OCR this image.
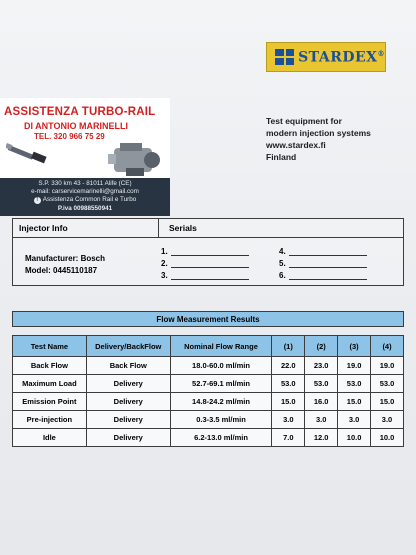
STARDEX®
Test equipment for
modern injection systems
www.stardex.fi
Finland
ASSISTENZA TURBO-RAIL
DI ANTONIO MARINELLI
TEL. 320 966 75 29
S.P. 330 km 43 - 81011 Alife (CE)
e-mail: carservicemarinelli@gmail.com
f Assistenza Common Rail e Turbo
P.iva 00988550941
Injector Info	Serials
Manufacturer: Bosch
Model: 0445110187
1.
2.
3.
4.
5.
6.
Flow Measurement Results
Test Name	Delivery/BackFlow	Nominal Flow Range	(1)	(2)	(3)	(4)
Back Flow	Back Flow	18.0-60.0 ml/min	22.0	23.0	19.0	19.0
Maximum Load	Delivery	52.7-69.1 ml/min	53.0	53.0	53.0	53.0
Emission Point	Delivery	14.8-24.2 ml/min	15.0	16.0	15.0	15.0
Pre-injection	Delivery	0.3-3.5 ml/min	3.0	3.0	3.0	3.0
Idle	Delivery	6.2-13.0 ml/min	7.0	12.0	10.0	10.0
